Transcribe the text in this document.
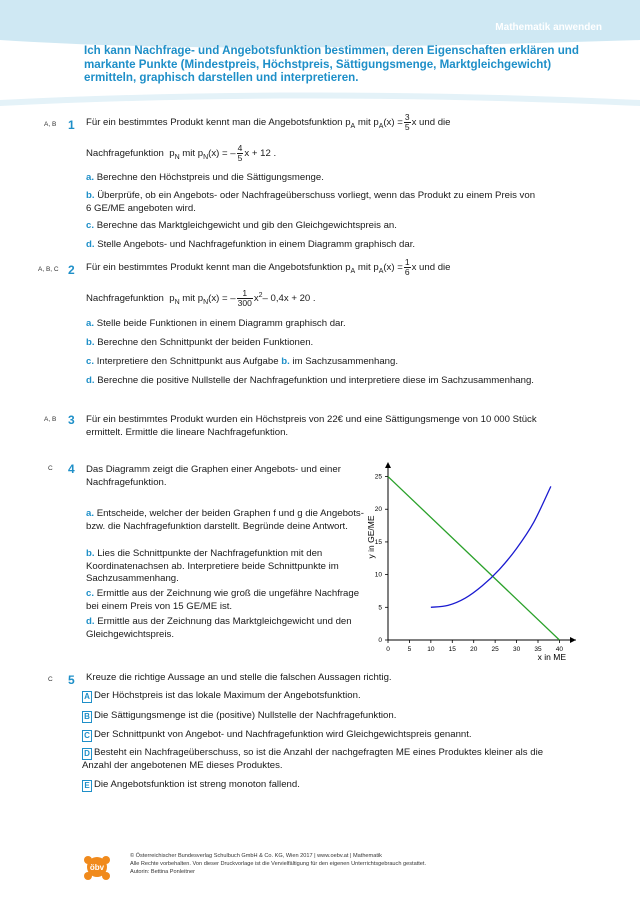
Mathematik anwenden
Ich kann Nachfrage- und Angebotsfunktion bestimmen, deren Eigenschaften erklären und markante Punkte (Mindestpreis, Höchstpreis, Sättigungsmenge, Marktgleichgewicht) ermitteln, graphisch darstellen und interpretieren.
A, B 1 Für ein bestimmtes Produkt kennt man die Angebotsfunktion $p_A$ mit $p_A(x) = \frac{3}{5}$ x und die
Nachfragefunktion $p_N$ mit $p_N(x)$ = – $\frac{4}{5}$ x + 12 .
a. Berechne den Höchstpreis und die Sättigungsmenge.
b. Überprüfe, ob ein Angebots- oder Nachfrageüberschuss vorliegt, wenn das Produkt zu einem Preis von 6 GE/ME angeboten wird.
c. Berechne das Marktgleichgewicht und gib den Gleichgewichtspreis an.
d. Stelle Angebots- und Nachfragefunktion in einem Diagramm graphisch dar.
A, B, C 2 Für ein bestimmtes Produkt kennt man die Angebotsfunktion $p_A$ mit $p_A(x) = \frac{1}{6}$ x und die
Nachfragefunktion $p_N$ mit $p_N(x)$ = – $\frac{1}{300} x^2-$ 0,4x + 20 .
a. Stelle beide Funktionen in einem Diagramm graphisch dar.
b. Berechne den Schnittpunkt der beiden Funktionen.
c. Interpretiere den Schnittpunkt aus Aufgabe b. im Sachzusammenhang.
d. Berechne die positive Nullstelle der Nachfragefunktion und interpretiere diese im Sachzusammenhang.
A, B 3 Für ein bestimmtes Produkt wurden ein Höchstpreis von 22€ und eine Sättigungsmenge von 10 000 Stück ermittelt. Ermittle die lineare Nachfragefunktion.
C 4 Das Diagramm zeigt die Graphen einer Angebots- und einer Nachfragefunktion.
a. Entscheide, welcher der beiden Graphen f und g die Angebots- bzw. die Nachfragefunktion darstellt. Begründe deine Antwort.
b. Lies die Schnittpunkte der Nachfragefunktion mit den Koordinatenachsen ab. Interpretiere beide Schnittpunkte im Sachzusammenhang.
c. Ermittle aus der Zeichnung wie groß die ungefähre Nachfrage bei einem Preis von 15 GE/ME ist.
d. Ermittle aus der Zeichnung das Marktgleichgewicht und den Gleichgewichtspreis.
0	5 10 15 20 25 30 35 40
0
5
10
15
20
25
x in ME
y in GE/ME
C 5 Kreuze die richtige Aussage an und stelle die falschen Aussagen richtig.
A Der Höchstpreis ist das lokale Maximum der Angebotsfunktion.
B Die Sättigungsmenge ist die (positive) Nullstelle der Nachfragefunktion.
C Der Schnittpunkt von Angebot- und Nachfragefunktion wird Gleichgewichtspreis genannt.
D Besteht ein Nachfrageüberschuss, so ist die Anzahl der nachgefragten ME eines Produktes kleiner als die Anzahl der angebotenen ME dieses Produktes.
E Die Angebotsfunktion ist streng monoton fallend.
öbv
© Österreichischer Bundesverlag Schulbuch GmbH & Co. KG, Wien 2017 | www.oebv.at | Mathematik
Alle Rechte vorbehalten. Von dieser Druckvorlage ist die Vervielfältigung für den eigenen Unterrichtsgebrauch gestattet.
Autorin: Bettina Ponleitner
